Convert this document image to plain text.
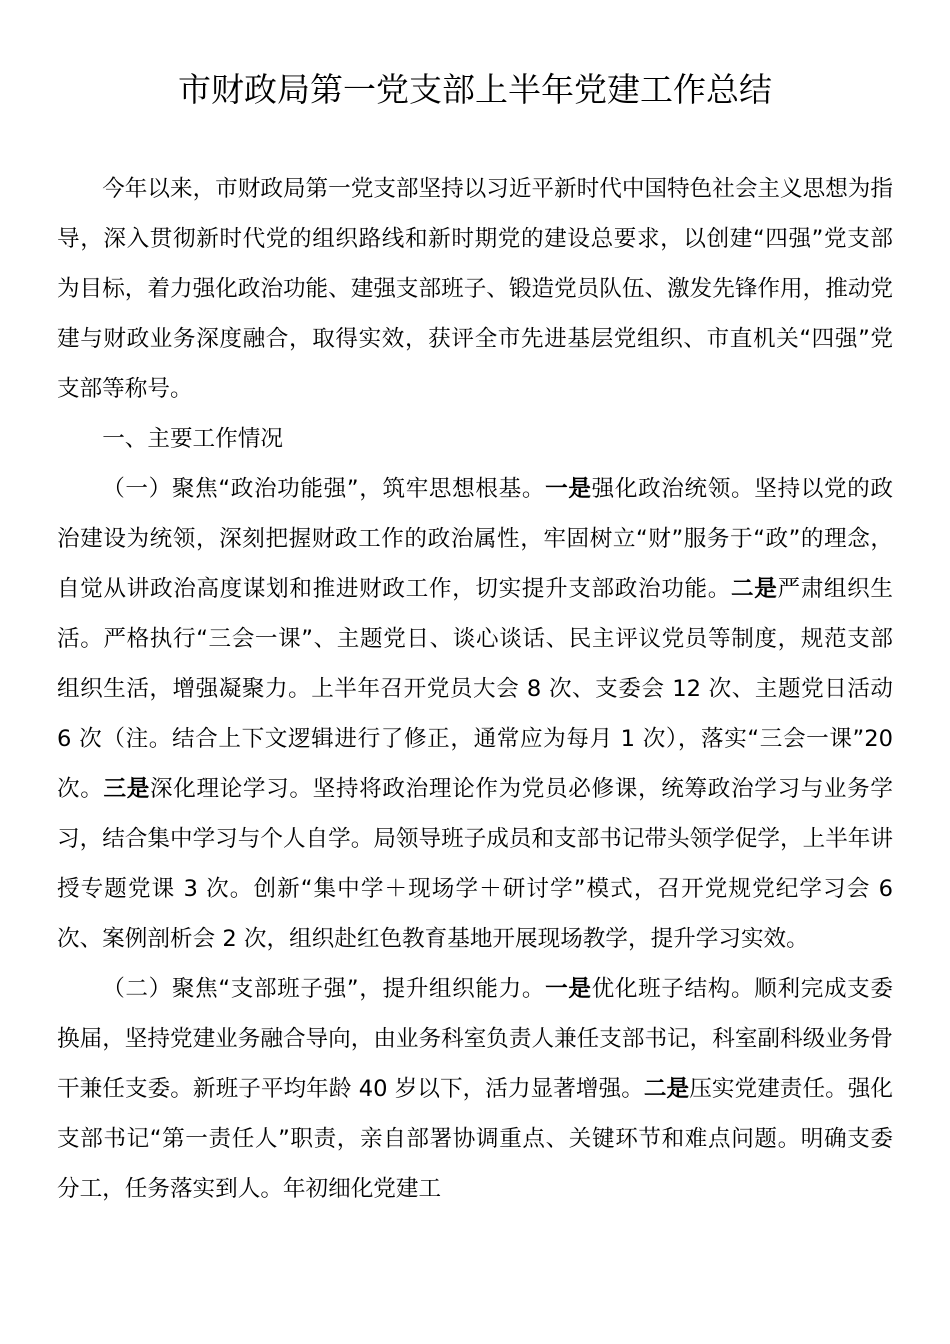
市财政局第一党支部上半年党建工作总结

今年以来，市财政局第一党支部坚持以习近平新时代中国特色社会主义思想为指导，深入贯彻新时代党的组织路线和新时期党的建设总要求，以创建“四强”党支部为目标，着力强化政治功能、建强支部班子、锻造党员队伍、激发先锋作用，推动党建与财政业务深度融合，取得实效，获评全市先进基层党组织、市直机关“四强”党支部等称号。

一、主要工作情况

（一）聚焦“政治功能强”，筑牢思想根基。一是强化政治统领。坚持以党的政治建设为统领，深刻把握财政工作的政治属性，牢固树立“财”服务于“政”的理念，自觉从讲政治高度谋划和推进财政工作，切实提升支部政治功能。二是严肃组织生活。严格执行“三会一课”、主题党日、谈心谈话、民主评议党员等制度，规范支部组织生活，增强凝聚力。上半年召开党员大会 8 次、支委会 12 次、主题党日活动 6 次（注。结合上下文逻辑进行了修正，通常应为每月 1 次），落实“三会一课”20 次。三是深化理论学习。坚持将政治理论作为党员必修课，统筹政治学习与业务学习，结合集中学习与个人自学。局领导班子成员和支部书记带头领学促学，上半年讲授专题党课 3 次。创新“集中学＋现场学＋研讨学”模式，召开党规党纪学习会 6 次、案例剖析会 2 次，组织赴红色教育基地开展现场教学，提升学习实效。

（二）聚焦“支部班子强”，提升组织能力。一是优化班子结构。顺利完成支委换届，坚持党建业务融合导向，由业务科室负责人兼任支部书记，科室副科级业务骨干兼任支委。新班子平均年龄 40 岁以下，活力显著增强。二是压实党建责任。强化支部书记“第一责任人”职责，亲自部署协调重点、关键环节和难点问题。明确支委分工，任务落实到人。年初细化党建工
